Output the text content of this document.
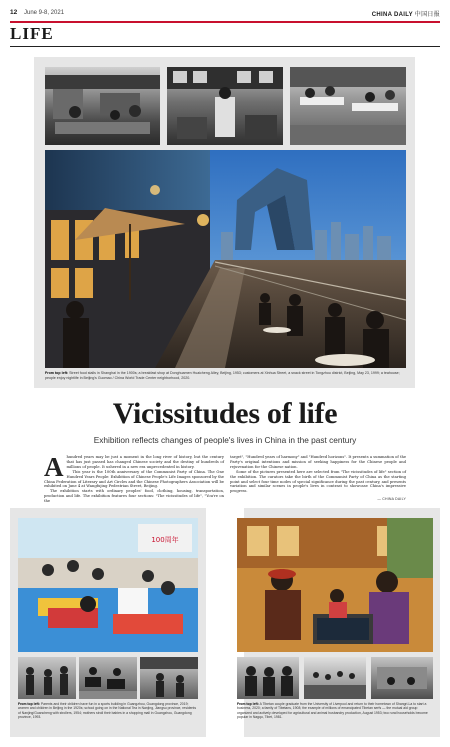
12 June 9-8, 2021	CHINA DAILY 中国日报
LIFE
From top left: Street food stalls in Shanghai in the 1900s; a breakfast shop at Donghuamen Huaicheng Alley, Beijing, 1953; customers at Xinhua Street, a snack street in Tongzhou district, Beijing, May 23, 1999; a teahouse; people enjoy nightlife in Beijing's Guomao / China World Trade Center neighborhood, 2020.
Vicissitudes of life
Exhibition reflects changes of people's lives in China in the past century
A hundred years may be just a moment in the long river of history, but the century that has just passed has changed Chinese society and the destiny of hundreds of millions of people. It ushered in a new era unprecedented in history.
This year is the 100th anniversary of the Communist Party of China. The One Hundred Years People: Exhibition of Chinese People's Life Images sponsored by the China Federation of Literary and Art Circles and the Chinese Photographers Association will be exhibited on June 4 at Wangfujing Pedestrian Street, Beijing.
The exhibition starts with ordinary peoples' food, clothing, housing, transportation, production and life. The exhibition features four sections: "The vicissitudes of life", "You're on the
target", "Hundred years of harmony" and "Hundred horizons". It presents a summation of the Party's original intentions and mission of seeking happiness for the Chinese people and rejuvenation for the Chinese nation.
Some of the pictures presented here are selected from "The vicissitudes of life" section of the exhibition. The curators take the birth of the Communist Party of China as the starting point and select four time nodes of special significance during the past century, and presents variation and similar scenes in people's lives in contrast to showcase China's impressive progress.
— CHINA DAILY
100周年
From top left: Parents and their children have fun in a sports building in Guangzhou, Guangdong province, 2019; women and children in Beijing in the 1920s; school going on in the National Tea in Nanjing, Jiangsu province, residents of Nanjing/Guancheng with strollers, 1954; mothers stroll their babies in a shopping mall in Guangzhou, Guangdong province, 1993.
From top left: A Tibetan couple graduate from the University of Liverpool and return to their hometown of Shangri-La to start a business, 2020; a family of Tibetans, 1908; the example of millions of emancipated Tibetan serfs — the mutual aid group organized and actively developed for agricultural and animal husbandry production, August 1953; two rural households become popular in Nagqu, Tibet, 1981.
